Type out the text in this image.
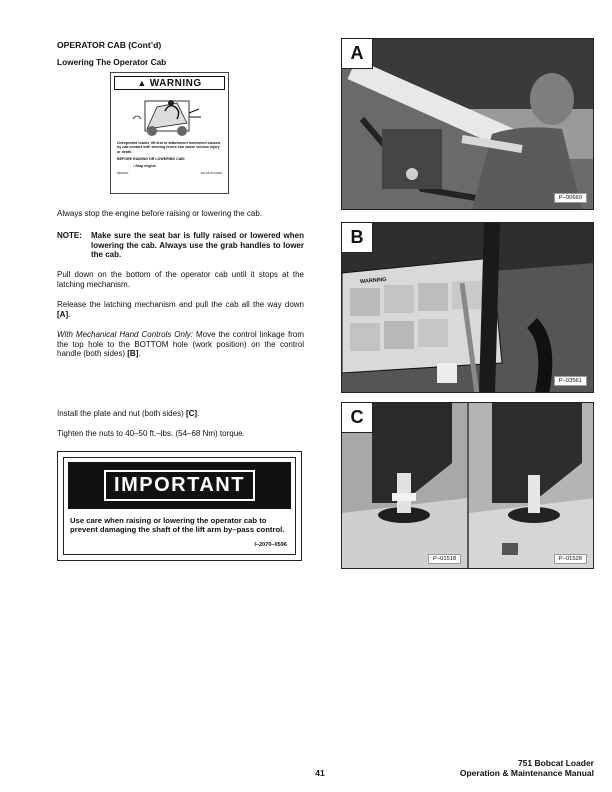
OPERATOR CAB (Cont’d)
Lowering The Operator Cab
▲ WARNING
Unexpected loader, lift arm or attachment movement caused by cab contact with steering levers can cause serious injury or death.
BEFORE RAISING OR LOWERING CAB:
• Stop engine
6902001	SW 96 6712946

Always stop the engine before raising or lowering the cab.

NOTE:	Make sure the seat bar is fully raised or lowered when lowering the cab. Always use the grab handles to lower the cab.

Pull down on the bottom of the operator cab until it stops at the latching mechanism.

Release the latching mechanism and pull the cab all the way down [A].

With Mechanical Hand Controls Only: Move the control linkage from the top hole to the BOTTOM hole (work position) on the control handle (both sides) [B].

Install the plate and nut (both sides) [C].

Tighten the nuts to 40–50 ft.–lbs. (54–68 Nm) torque.

IMPORTANT
Use care when raising or lowering the operator cab to prevent damaging the shaft of the lift arm by–pass control.
I–2070–0596
A
P–00660
B
WARNING
P–03561
C
P–01518	P–01528
41
751 Bobcat Loader
Operation & Maintenance Manual
